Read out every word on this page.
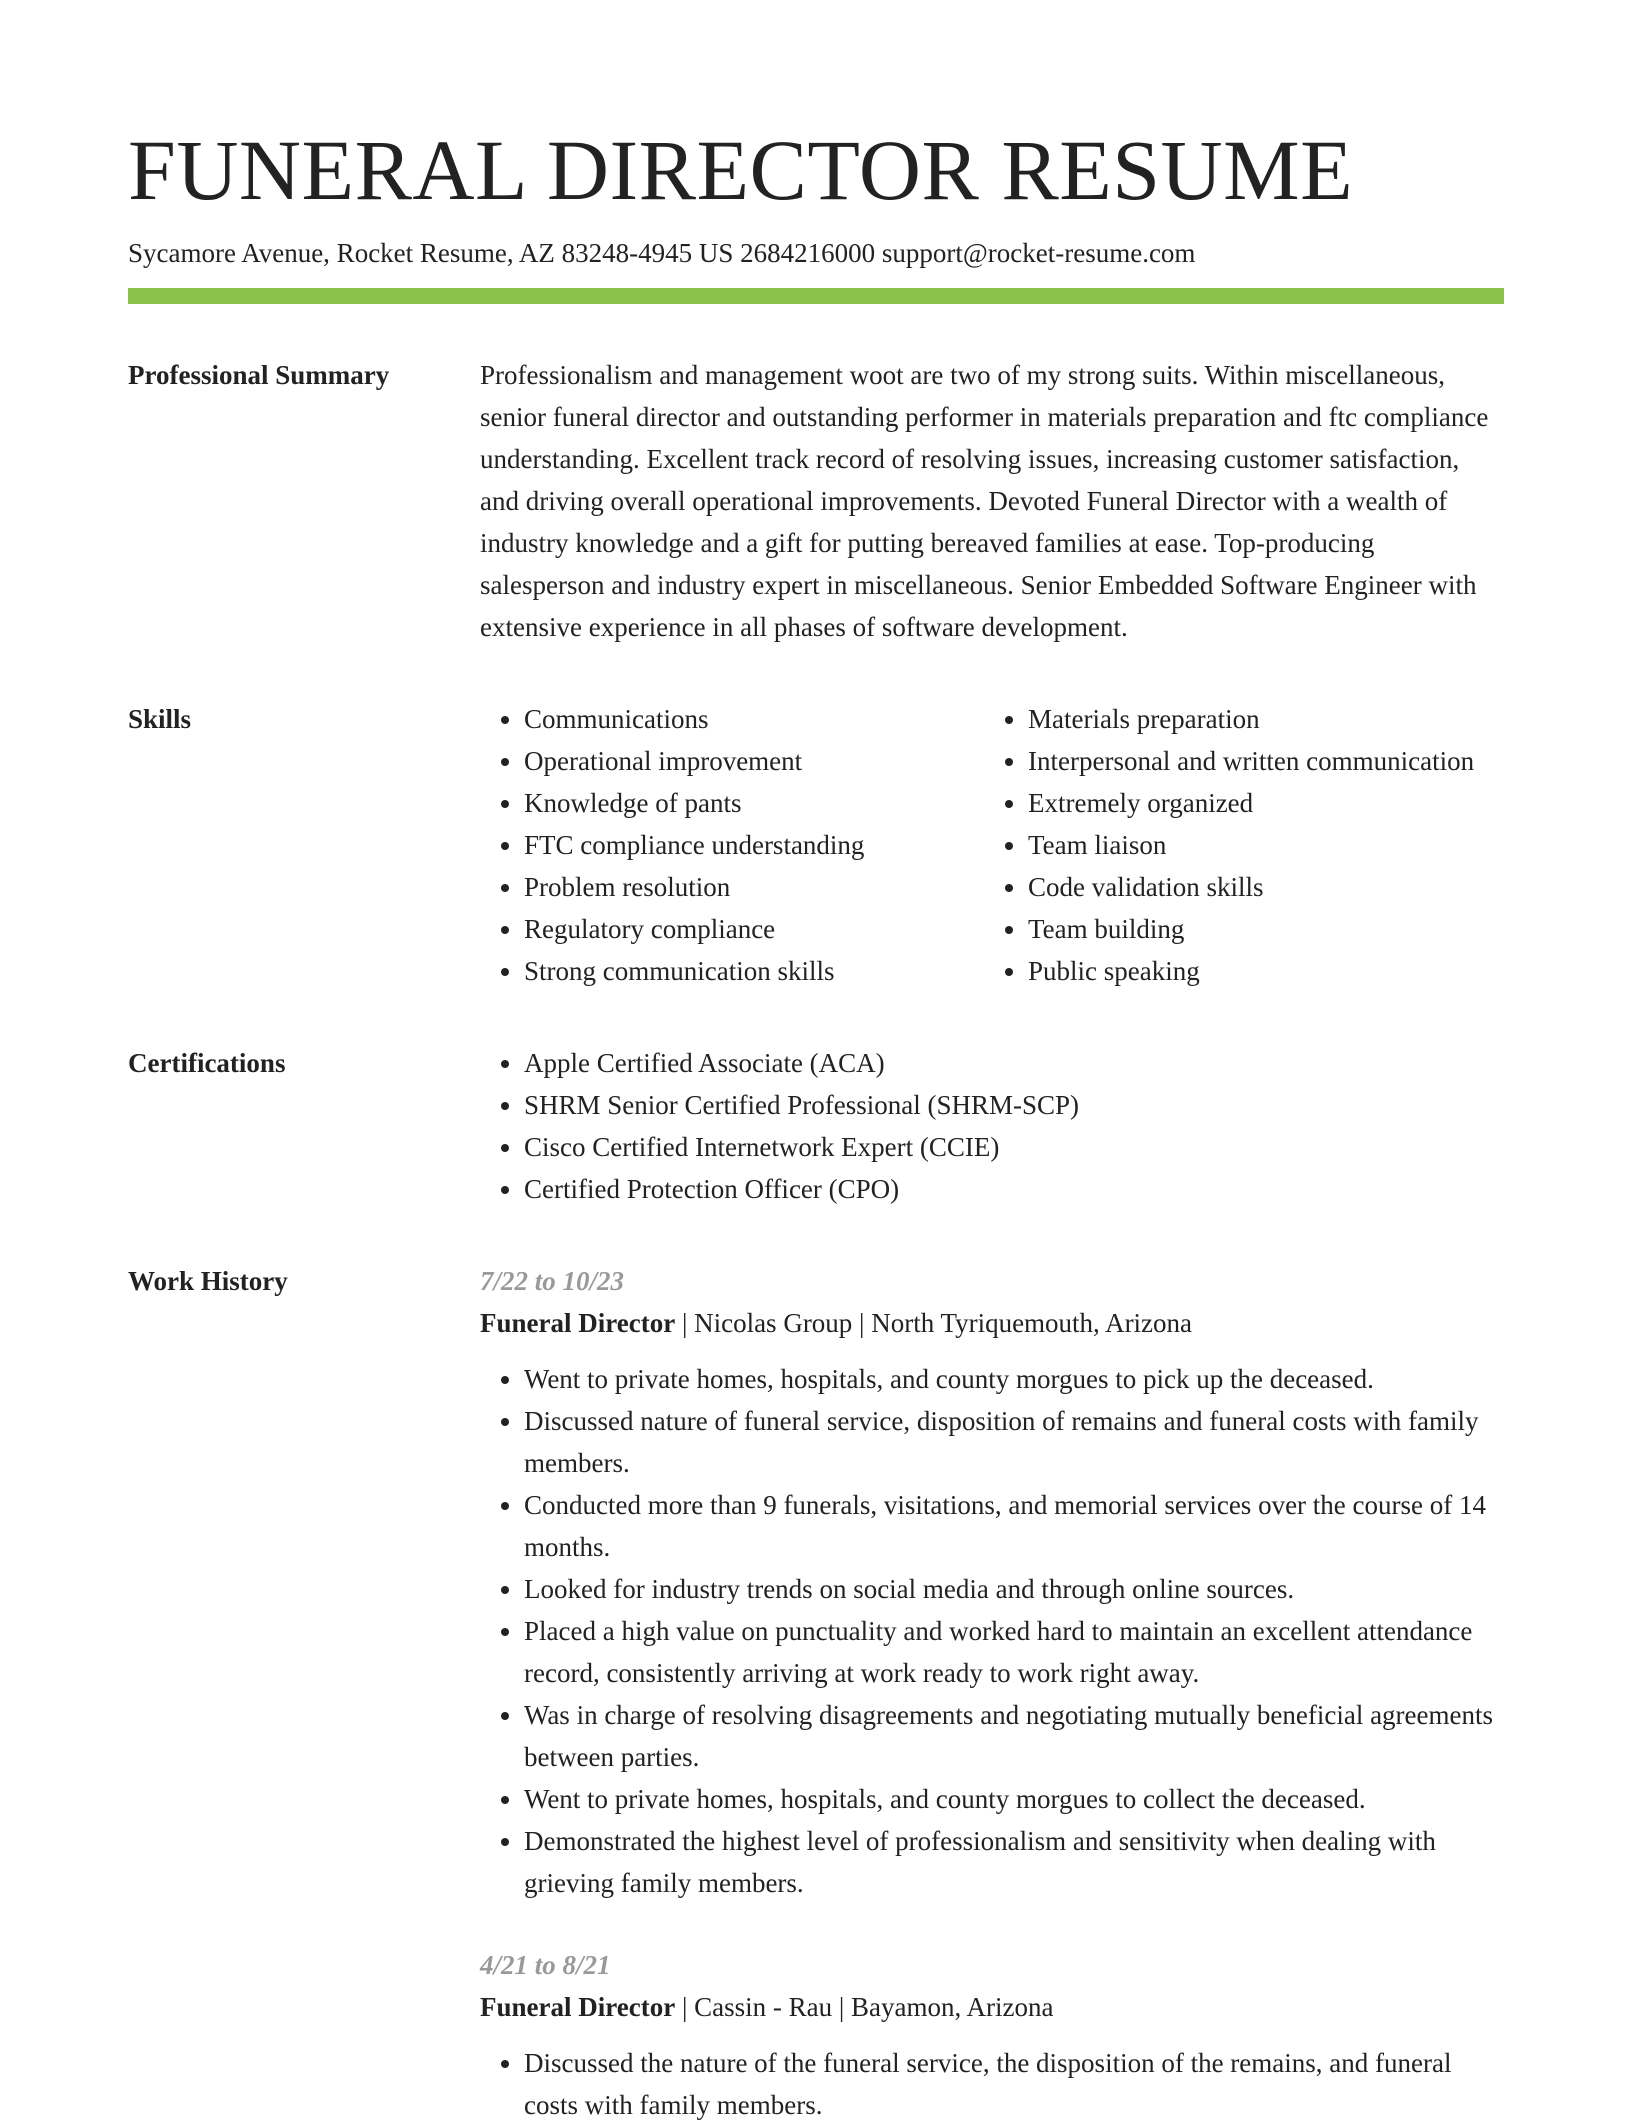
FUNERAL DIRECTOR RESUME
Sycamore Avenue, Rocket Resume, AZ 83248-4945 US 2684216000 support@rocket-resume.com
Professional Summary	Professionalism and management woot are two of my strong suits. Within miscellaneous, senior funeral director and outstanding performer in materials preparation and ftc compliance understanding. Excellent track record of resolving issues, increasing customer satisfaction, and driving overall operational improvements. Devoted Funeral Director with a wealth of industry knowledge and a gift for putting bereaved families at ease. Top-producing salesperson and industry expert in miscellaneous. Senior Embedded Software Engineer with extensive experience in all phases of software development.

Skills	• Communications
• Operational improvement
• Knowledge of pants
• FTC compliance understanding
• Problem resolution
• Regulatory compliance
• Strong communication skills
• Materials preparation
• Interpersonal and written communication
• Extremely organized
• Team liaison
• Code validation skills
• Team building
• Public speaking
Certifications	• Apple Certified Associate (ACA)
• SHRM Senior Certified Professional (SHRM-SCP)
• Cisco Certified Internetwork Expert (CCIE)
• Certified Protection Officer (CPO)
Work History	7/22 to 10/23
Funeral Director | Nicolas Group | North Tyriquemouth, Arizona
• Went to private homes, hospitals, and county morgues to pick up the deceased.
• Discussed nature of funeral service, disposition of remains and funeral costs with family members.
• Conducted more than 9 funerals, visitations, and memorial services over the course of 14 months.
• Looked for industry trends on social media and through online sources.
• Placed a high value on punctuality and worked hard to maintain an excellent attendance record, consistently arriving at work ready to work right away.
• Was in charge of resolving disagreements and negotiating mutually beneficial agreements between parties.
• Went to private homes, hospitals, and county morgues to collect the deceased.
• Demonstrated the highest level of professionalism and sensitivity when dealing with grieving family members.
4/21 to 8/21
Funeral Director | Cassin - Rau | Bayamon, Arizona
• Discussed the nature of the funeral service, the disposition of the remains, and funeral costs with family members.
